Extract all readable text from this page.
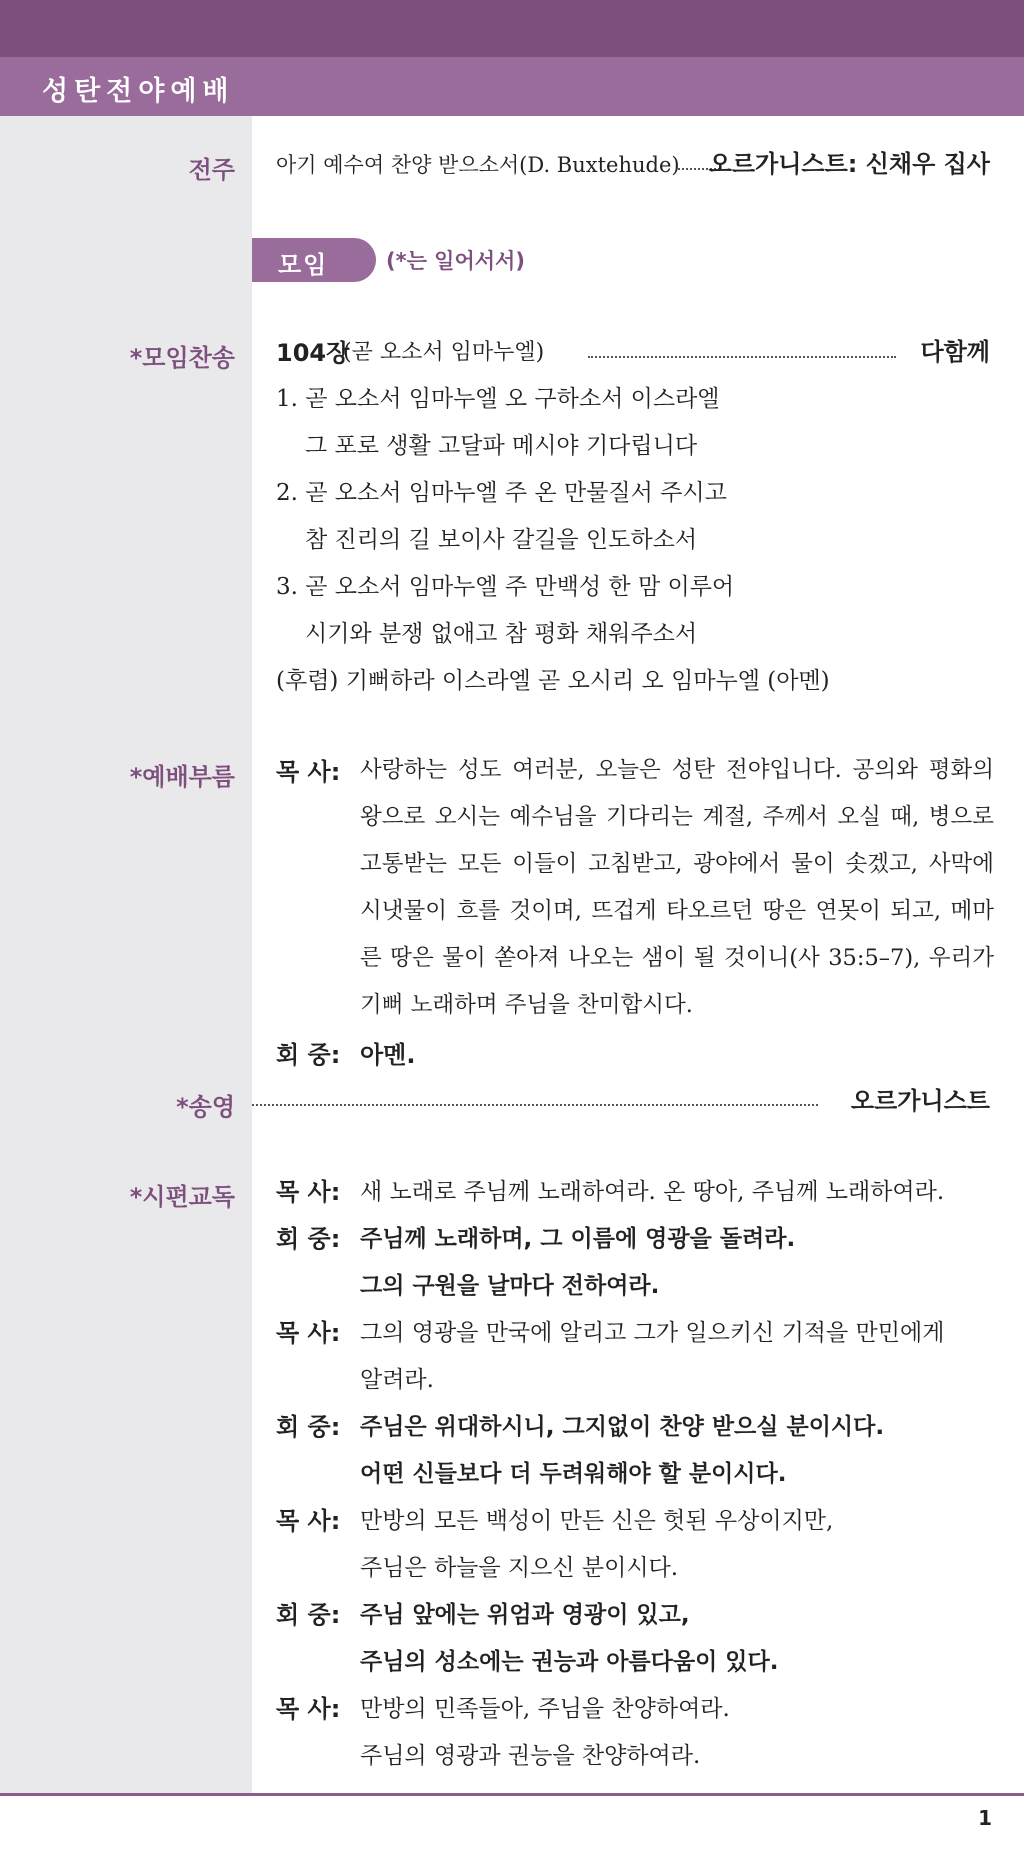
성탄전야예배
전주 아기 예수여 찬양 받으소서(D. Buxtehude) 오르가니스트: 신채우 집사
모임	(*는 일어서서)
*모임찬송 104장
(곧 오소서 임마누엘)	다함께
1. 곧 오소서 임마누엘 오 구하소서 이스라엘
그 포로 생활 고달파 메시야 기다립니다
2. 곧 오소서 임마누엘 주 온 만물질서 주시고
참 진리의 길 보이사 갈길을 인도하소서
3. 곧 오소서 임마누엘 주 만백성 한 맘 이루어
시기와 분쟁 없애고 참 평화 채워주소서
(후렴) 기뻐하라 이스라엘 곧 오시리 오 임마누엘 (아멘)
*예배부름 목 사: 사랑하는 성도 여러분, 오늘은 성탄 전야입니다. 공의와 평화의 왕으로 오시는 예수님을 기다리는 계절, 주께서 오실 때, 병으로 고통받는 모든 이들이 고침받고, 광야에서 물이 솟겠고, 사막에 시냇물이 흐를 것이며, 뜨겁게 타오르던 땅은 연못이 되고, 메마른 땅은 물이 쏟아져 나오는 샘이 될 것이니(사 35:5–7), 우리가 기뻐 노래하며 주님을 찬미합시다.
회 중: 아멘.
*송영	오르가니스트
*시편교독 목 사: 새 노래로 주님께 노래하여라. 온 땅아, 주님께 노래하여라.
회 중: 주님께 노래하며, 그 이름에 영광을 돌려라.
그의 구원을 날마다 전하여라.
목 사: 그의 영광을 만국에 알리고 그가 일으키신 기적을 만민에게
알려라.
회 중: 주님은 위대하시니, 그지없이 찬양 받으실 분이시다.
어떤 신들보다 더 두려워해야 할 분이시다.
목 사: 만방의 모든 백성이 만든 신은 헛된 우상이지만,
주님은 하늘을 지으신 분이시다.
회 중: 주님 앞에는 위엄과 영광이 있고,
주님의 성소에는 권능과 아름다움이 있다.
목 사: 만방의 민족들아, 주님을 찬양하여라.
주님의 영광과 권능을 찬양하여라.
1
